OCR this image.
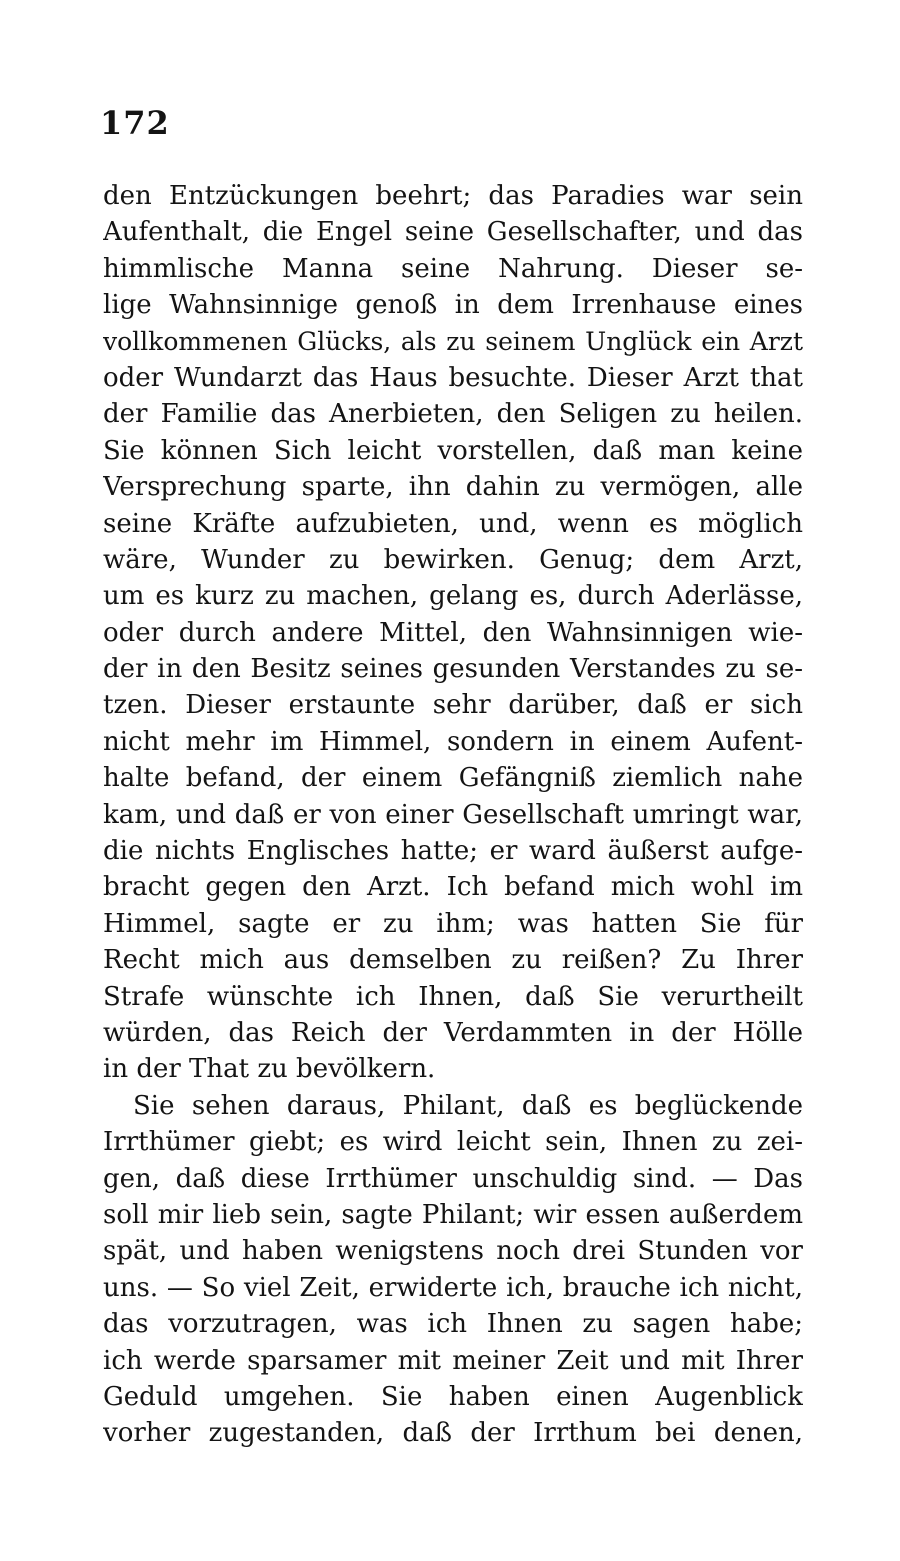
172
den Entzückungen beehrt; das Paradies war sein
Aufenthalt, die Engel seine Gesellschafter, und das
himmlische Manna seine Nahrung. Dieser se-
lige Wahnsinnige genoß in dem Irrenhause eines
vollkommenen Glücks, als zu seinem Unglück ein Arzt
oder Wundarzt das Haus besuchte. Dieser Arzt that
der Familie das Anerbieten, den Seligen zu heilen.
Sie können Sich leicht vorstellen, daß man keine
Versprechung sparte, ihn dahin zu vermögen, alle
seine Kräfte aufzubieten, und, wenn es möglich
wäre, Wunder zu bewirken. Genug; dem Arzt,
um es kurz zu machen, gelang es, durch Aderlässe,
oder durch andere Mittel, den Wahnsinnigen wie-
der in den Besitz seines gesunden Verstandes zu se-
tzen. Dieser erstaunte sehr darüber, daß er sich
nicht mehr im Himmel, sondern in einem Aufent-
halte befand, der einem Gefängniß ziemlich nahe
kam, und daß er von einer Gesellschaft umringt war,
die nichts Englisches hatte; er ward äußerst aufge-
bracht gegen den Arzt. Ich befand mich wohl im
Himmel, sagte er zu ihm; was hatten Sie für
Recht mich aus demselben zu reißen? Zu Ihrer
Strafe wünschte ich Ihnen, daß Sie verurtheilt
würden, das Reich der Verdammten in der Hölle
in der That zu bevölkern.
Sie sehen daraus, Philant, daß es beglückende
Irrthümer giebt; es wird leicht sein, Ihnen zu zei-
gen, daß diese Irrthümer unschuldig sind. — Das
soll mir lieb sein, sagte Philant; wir essen außerdem
spät, und haben wenigstens noch drei Stunden vor
uns. — So viel Zeit, erwiderte ich, brauche ich nicht,
das vorzutragen, was ich Ihnen zu sagen habe;
ich werde sparsamer mit meiner Zeit und mit Ihrer
Geduld umgehen. Sie haben einen Augenblick
vorher zugestanden, daß der Irrthum bei denen,
